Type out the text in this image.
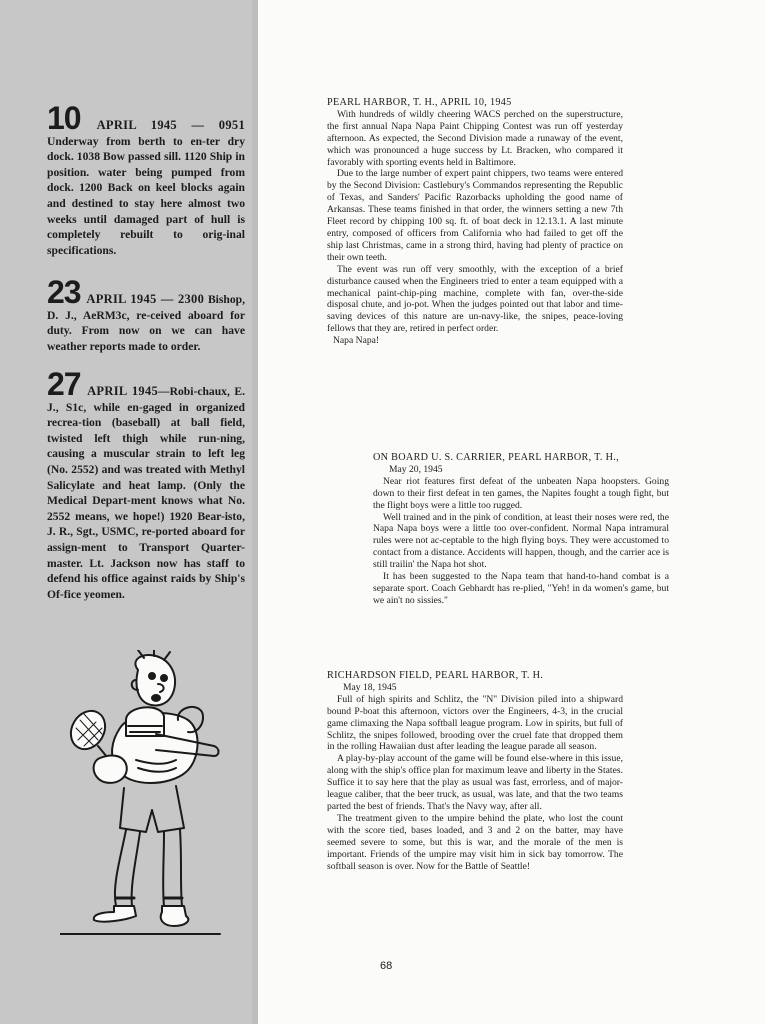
10 APRIL 1945 — 0951 Underway from berth to en-ter dry dock. 1038 Bow passed sill. 1120 Ship in position. water being pumped from dock. 1200 Back on keel blocks again and destined to stay here almost two weeks until damaged part of hull is completely rebuilt to orig-inal specifications.
23 APRIL 1945 — 2300 Bishop, D. J., AeRM3c, re-ceived aboard for duty. From now on we can have weather reports made to order.
27 APRIL 1945—Robi-chaux, E. J., S1c, while en-gaged in organized recrea-tion (baseball) at ball field, twisted left thigh while run-ning, causing a muscular strain to left leg (No. 2552) and was treated with Methyl Salicylate and heat lamp. (Only the Medical Depart-ment knows what No. 2552 means, we hope!) 1920 Bear-isto, J. R., Sgt., USMC, re-ported aboard for assign-ment to Transport Quarter-master. Lt. Jackson now has staff to defend his office against raids by Ship's Of-fice yeomen.
PEARL HARBOR, T. H., APRIL 10, 1945

With hundreds of wildly cheering WACS perched on the superstructure, the first annual Napa Napa Paint Chipping Contest was run off yesterday afternoon. As expected, the Second Division made a runaway of the event, which was pronounced a huge success by Lt. Bracken, who compared it favorably with sporting events held in Baltimore.

Due to the large number of expert paint chippers, two teams were entered by the Second Division: Castlebury's Commandos representing the Republic of Texas, and Sanders' Pacific Razorbacks upholding the good name of Arkansas. These teams finished in that order, the winners setting a new 7th Fleet record by chipping 100 sq. ft. of boat deck in 12.13.1. A last minute entry, composed of officers from California who had failed to get off the ship last Christmas, came in a strong third, having had plenty of practice on their own teeth.

The event was run off very smoothly, with the exception of a brief disturbance caused when the Engineers tried to enter a team equipped with a mechanical paint-chip-ping machine, complete with fan, over-the-side disposal chute, and jo-pot. When the judges pointed out that labor and time-saving devices of this nature are un-navy-like, the snipes, peace-loving fellows that they are, retired in perfect order.

Napa Napa!

ON BOARD U. S. CARRIER, PEARL HARBOR, T. H.,
May 20, 1945

Near riot features first defeat of the unbeaten Napa hoopsters. Going down to their first defeat in ten games, the Napites fought a tough fight, but the flight boys were a little too rugged.

Well trained and in the pink of condition, at least their noses were red, the Napa Napa boys were a little too over-confident. Normal Napa intramural rules were not ac-ceptable to the high flying boys. They were accustomed to contact from a distance. Accidents will happen, though, and the carrier ace is still trailin' the Napa hot shot.

It has been suggested to the Napa team that hand-to-hand combat is a separate sport. Coach Gebhardt has re-plied, "Yeh! in da women's game, but we ain't no sissies."

RICHARDSON FIELD, PEARL HARBOR, T. H.
May 18, 1945

Full of high spirits and Schlitz, the "N" Division piled into a shipward bound P-boat this afternoon, victors over the Engineers, 4-3, in the crucial game climaxing the Napa softball league program. Low in spirits, but full of Schlitz, the snipes followed, brooding over the cruel fate that dropped them in the rolling Hawaiian dust after leading the league parade all season.

A play-by-play account of the game will be found else-where in this issue, along with the ship's office plan for maximum leave and liberty in the States. Suffice it to say here that the play as usual was fast, errorless, and of major-league caliber, that the beer truck, as usual, was late, and that the two teams parted the best of friends. That's the Navy way, after all.

The treatment given to the umpire behind the plate, who lost the count with the score tied, bases loaded, and 3 and 2 on the batter, may have seemed severe to some, but this is war, and the morale of the men is important. Friends of the umpire may visit him in sick bay tomorrow. The softball season is over. Now for the Battle of Seattle!

68
